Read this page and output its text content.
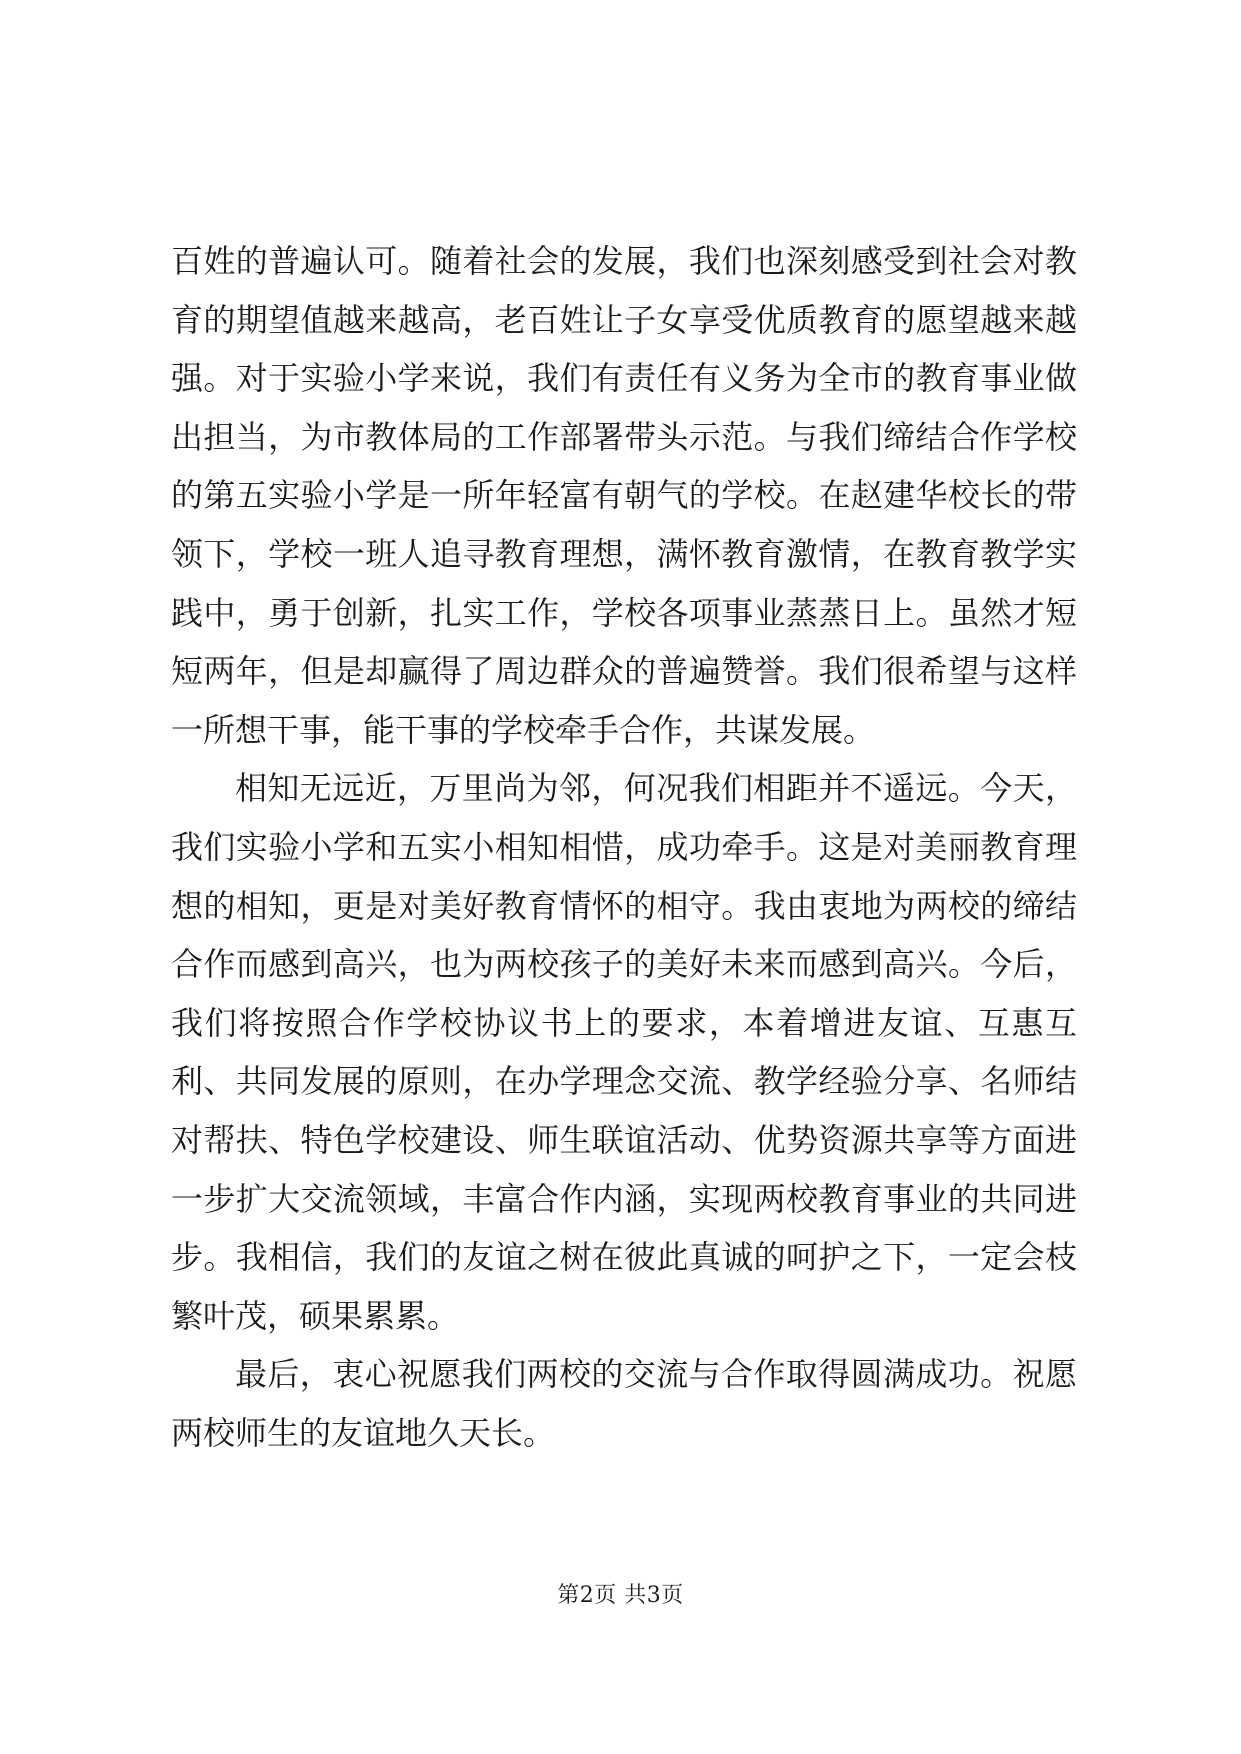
百姓的普遍认可。随着社会的发展，我们也深刻感受到社会对教育的期望值越来越高，老百姓让子女享受优质教育的愿望越来越强。对于实验小学来说，我们有责任有义务为全市的教育事业做出担当，为市教体局的工作部署带头示范。与我们缔结合作学校的第五实验小学是一所年轻富有朝气的学校。在赵建华校长的带领下，学校一班人追寻教育理想，满怀教育激情，在教育教学实践中，勇于创新，扎实工作，学校各项事业蒸蒸日上。虽然才短短两年，但是却赢得了周边群众的普遍赞誉。我们很希望与这样一所想干事，能干事的学校牵手合作，共谋发展。

相知无远近，万里尚为邻，何况我们相距并不遥远。今天，我们实验小学和五实小相知相惜，成功牵手。这是对美丽教育理想的相知，更是对美好教育情怀的相守。我由衷地为两校的缔结合作而感到高兴，也为两校孩子的美好未来而感到高兴。今后，我们将按照合作学校协议书上的要求，本着增进友谊、互惠互利、共同发展的原则，在办学理念交流、教学经验分享、名师结对帮扶、特色学校建设、师生联谊活动、优势资源共享等方面进一步扩大交流领域，丰富合作内涵，实现两校教育事业的共同进步。我相信，我们的友谊之树在彼此真诚的呵护之下，一定会枝繁叶茂，硕果累累。

最后，衷心祝愿我们两校的交流与合作取得圆满成功。祝愿两校师生的友谊地久天长。

第2页 共3页
